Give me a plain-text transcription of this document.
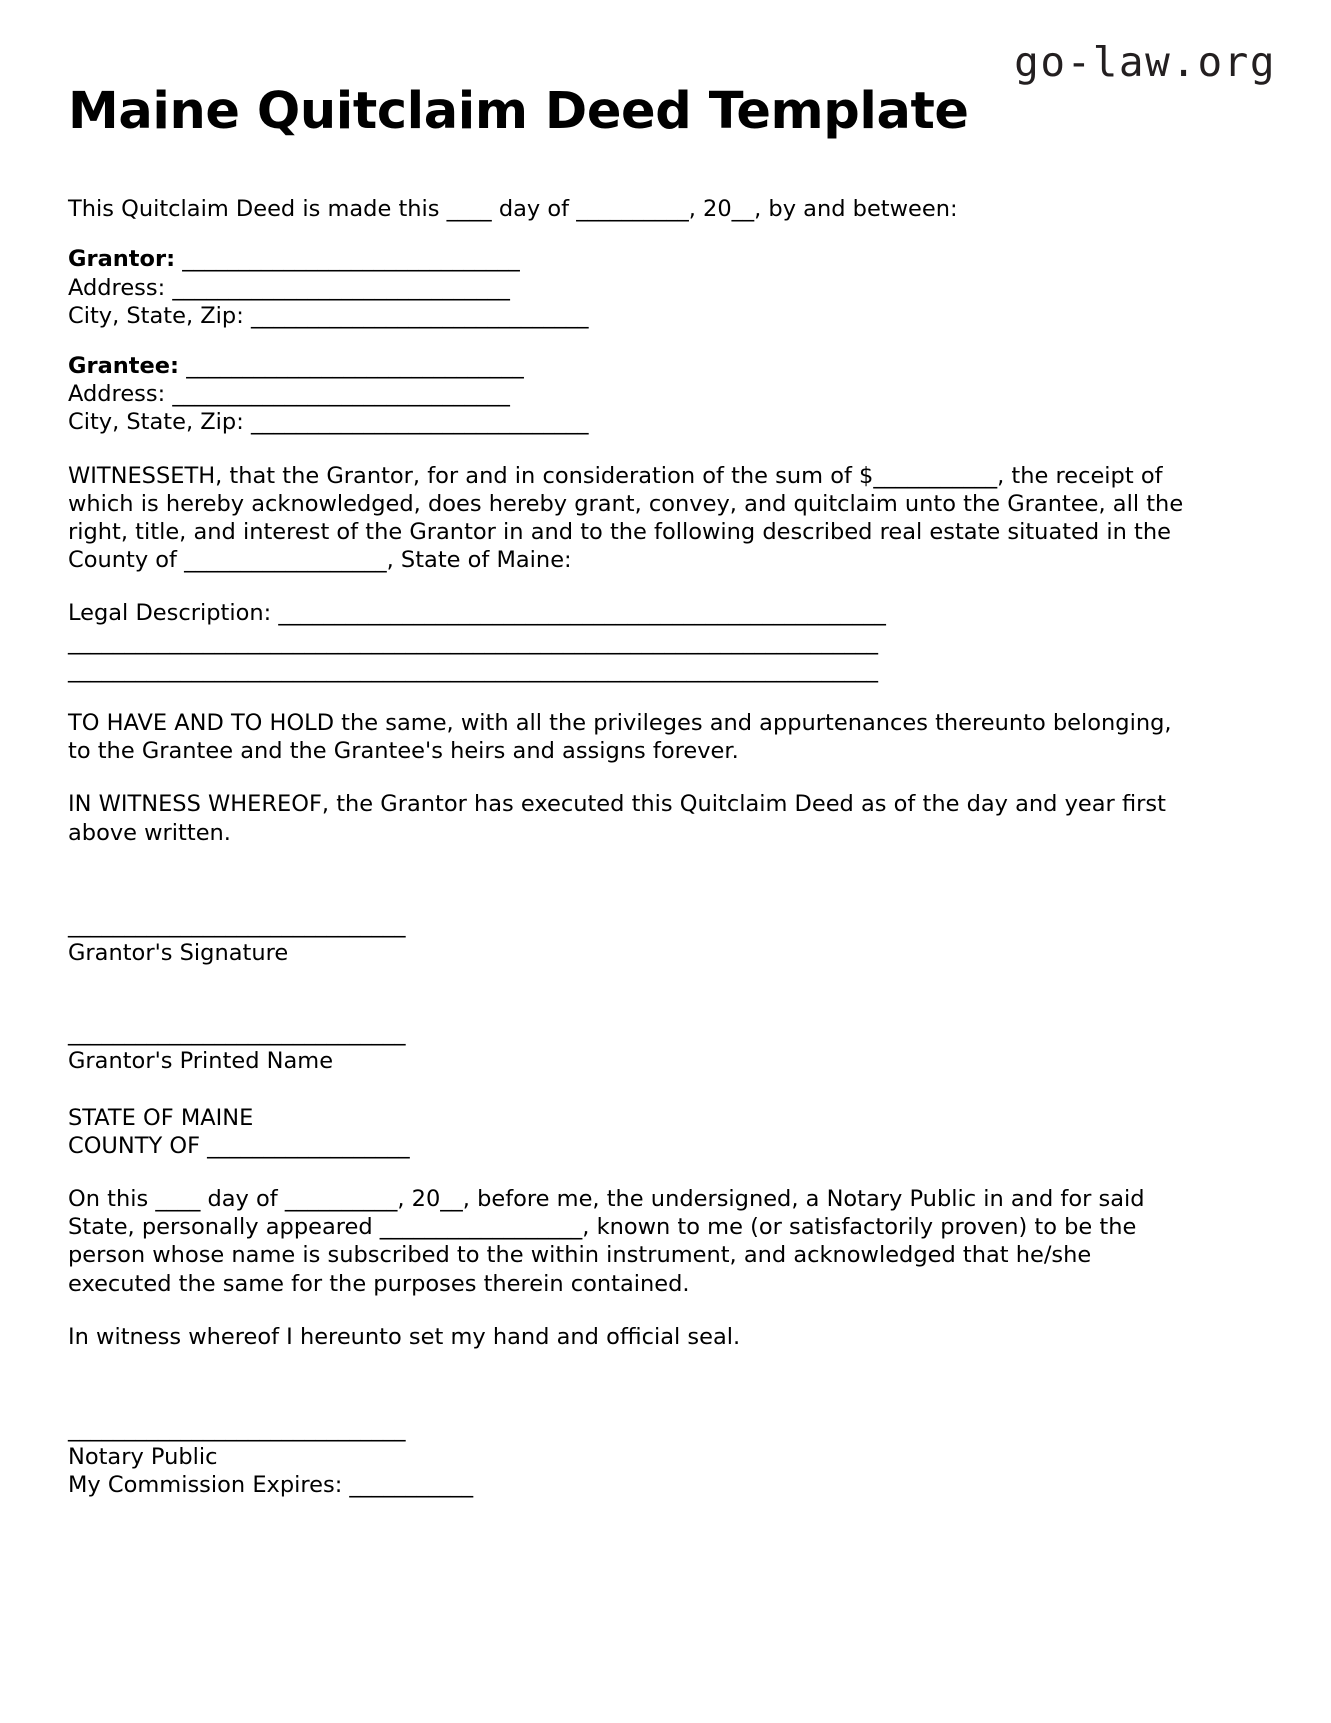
go-law.org
Maine Quitclaim Deed Template

This Quitclaim Deed is made this ____ day of __________, 20__, by and between:

Grantor: ______________________________
Address: ______________________________
City, State, Zip: ______________________________
Grantee: ______________________________
Address: ______________________________
City, State, Zip: ______________________________

WITNESSETH, that the Grantor, for and in consideration of the sum of $___________, the receipt of which is hereby acknowledged, does hereby grant, convey, and quitclaim unto the Grantee, all the right, title, and interest of the Grantor in and to the following described real estate situated in the County of __________________, State of Maine:

Legal Description: ______________________________________________________
________________________________________________________________________
________________________________________________________________________

TO HAVE AND TO HOLD the same, with all the privileges and appurtenances thereunto belonging, to the Grantee and the Grantee's heirs and assigns forever.

IN WITNESS WHEREOF, the Grantor has executed this Quitclaim Deed as of the day and year first above written.

______________________________
Grantor's Signature
______________________________
Grantor's Printed Name
STATE OF MAINE
COUNTY OF __________________

On this ____ day of __________, 20__, before me, the undersigned, a Notary Public in and for said State, personally appeared __________________, known to me (or satisfactorily proven) to be the person whose name is subscribed to the within instrument, and acknowledged that he/she executed the same for the purposes therein contained.

In witness whereof I hereunto set my hand and official seal.

______________________________
Notary Public
My Commission Expires: ___________
